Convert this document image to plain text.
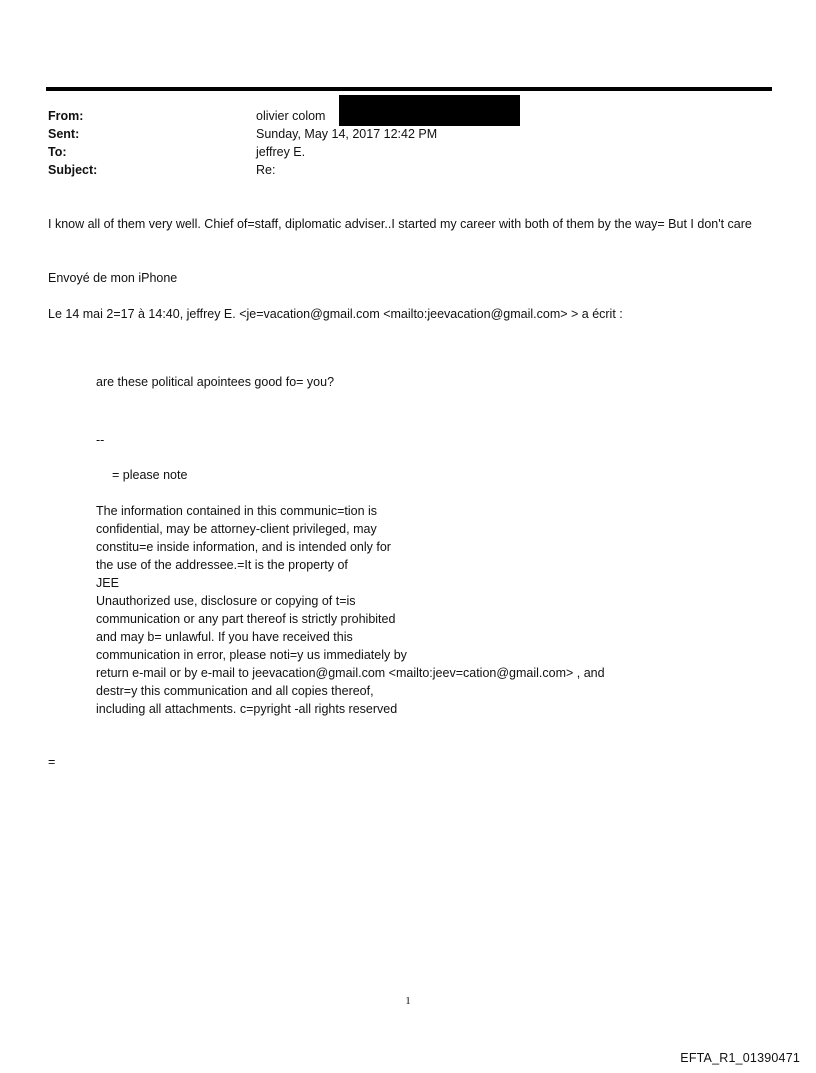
From:	olivier colom
Sent:	Sunday, May 14, 2017 12:42 PM
To:	jeffrey E.
Subject:	Re:
I know all of them very well. Chief of=staff, diplomatic adviser..I started my career with both of them by the way= But I don't care
Envoyé de mon iPhone
Le 14 mai 2=17 à 14:40, jeffrey E. <je=vacation@gmail.com <mailto:jeevacation@gmail.com> > a écrit :
are these political apointees good fo= you?
--
= please note
The information contained in this communic=tion is
confidential, may be attorney-client privileged, may
constitu=e inside information, and is intended only for
the use of the addressee.=It is the property of
JEE
Unauthorized use, disclosure or copying of t=is
communication or any part thereof is strictly prohibited
and may b= unlawful. If you have received this
communication in error, please noti=y us immediately by
return e-mail or by e-mail to jeevacation@gmail.com <mailto:jeev=cation@gmail.com> , and
destr=y this communication and all copies thereof,
including all attachments. c=pyright -all rights reserved
=
1
EFTA_R1_01390471
